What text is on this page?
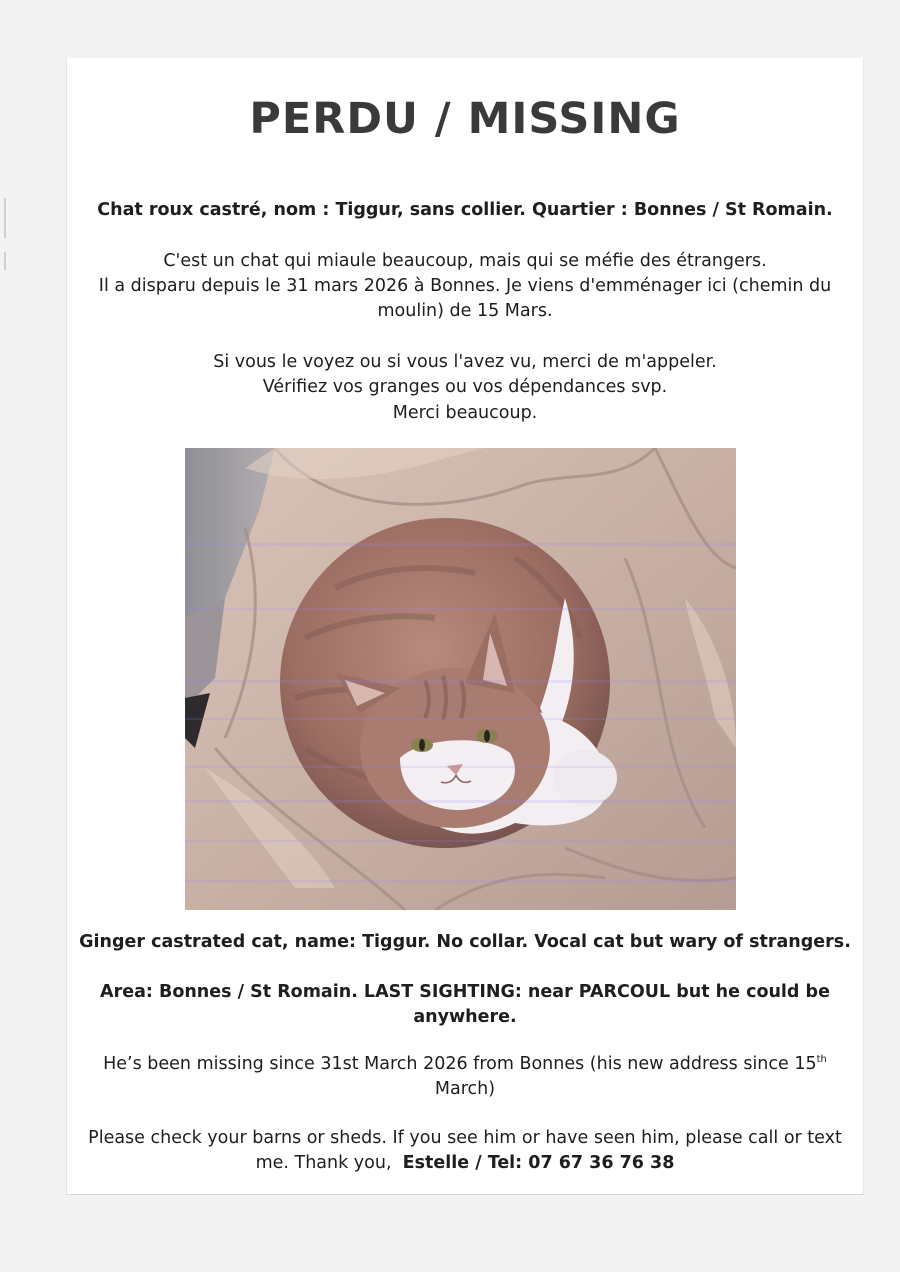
PERDU / MISSING

Chat roux castré, nom : Tiggur, sans collier. Quartier : Bonnes / St Romain.

C'est un chat qui miaule beaucoup, mais qui se méfie des étrangers.

Il a disparu depuis le 31 mars 2026 à Bonnes. Je viens d'emménager ici (chemin du

moulin) de 15 Mars.

Si vous le voyez ou si vous l'avez vu, merci de m'appeler.

Vérifiez vos granges ou vos dépendances svp.

Merci beaucoup.

Ginger castrated cat, name: Tiggur. No collar. Vocal cat but wary of strangers.

Area: Bonnes / St Romain. LAST SIGHTING: near PARCOUL but he could be

anywhere.

He’s been missing since 31st March 2026 from Bonnes (his new address since 15th

March)

Please check your barns or sheds. If you see him or have seen him, please call or text

me. Thank you, Estelle / Tel: 07 67 36 76 38
